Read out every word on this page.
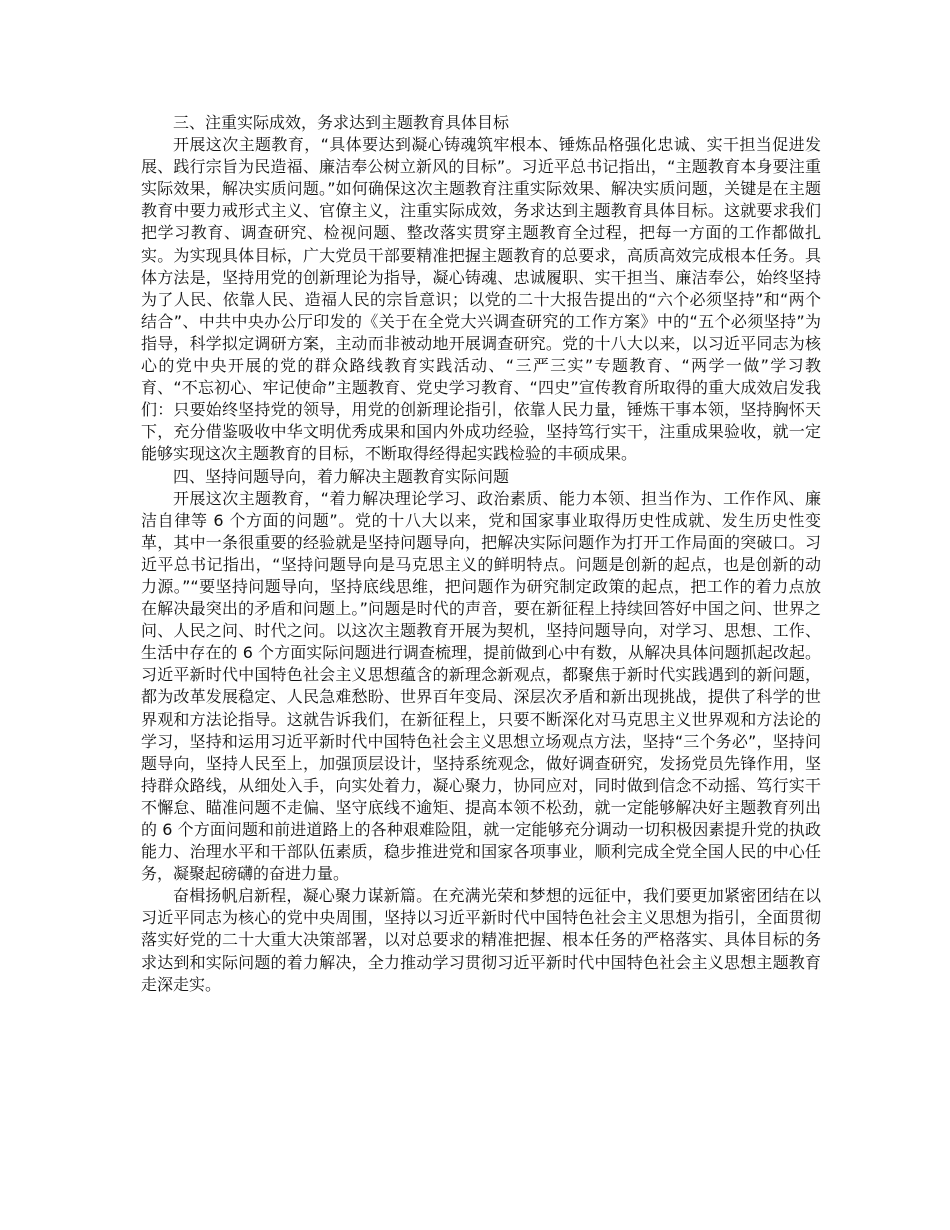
三、注重实际成效，务求达到主题教育具体目标

开展这次主题教育，“具体要达到凝心铸魂筑牢根本、锤炼品格强化忠诚、实干担当促进发展、践行宗旨为民造福、廉洁奉公树立新风的目标”。习近平总书记指出，“主题教育本身要注重实际效果，解决实质问题。”如何确保这次主题教育注重实际效果、解决实质问题，关键是在主题教育中要力戒形式主义、官僚主义，注重实际成效，务求达到主题教育具体目标。这就要求我们把学习教育、调查研究、检视问题、整改落实贯穿主题教育全过程，把每一方面的工作都做扎实。为实现具体目标，广大党员干部要精准把握主题教育的总要求，高质高效完成根本任务。具体方法是，坚持用党的创新理论为指导，凝心铸魂、忠诚履职、实干担当、廉洁奉公，始终坚持为了人民、依靠人民、造福人民的宗旨意识；以党的二十大报告提出的“六个必须坚持”和“两个结合”、中共中央办公厅印发的《关于在全党大兴调查研究的工作方案》中的“五个必须坚持”为指导，科学拟定调研方案，主动而非被动地开展调查研究。党的十八大以来，以习近平同志为核心的党中央开展的党的群众路线教育实践活动、“三严三实”专题教育、“两学一做”学习教育、“不忘初心、牢记使命”主题教育、党史学习教育、“四史”宣传教育所取得的重大成效启发我们：只要始终坚持党的领导，用党的创新理论指引，依靠人民力量，锤炼干事本领，坚持胸怀天下，充分借鉴吸收中华文明优秀成果和国内外成功经验，坚持笃行实干，注重成果验收，就一定能够实现这次主题教育的目标，不断取得经得起实践检验的丰硕成果。

四、坚持问题导向，着力解决主题教育实际问题

开展这次主题教育，“着力解决理论学习、政治素质、能力本领、担当作为、工作作风、廉洁自律等 6 个方面的问题”。党的十八大以来，党和国家事业取得历史性成就、发生历史性变革，其中一条很重要的经验就是坚持问题导向，把解决实际问题作为打开工作局面的突破口。习近平总书记指出，“坚持问题导向是马克思主义的鲜明特点。问题是创新的起点，也是创新的动力源。”“要坚持问题导向，坚持底线思维，把问题作为研究制定政策的起点，把工作的着力点放在解决最突出的矛盾和问题上。”问题是时代的声音，要在新征程上持续回答好中国之问、世界之问、人民之问、时代之问。以这次主题教育开展为契机，坚持问题导向，对学习、思想、工作、生活中存在的 6 个方面实际问题进行调查梳理，提前做到心中有数，从解决具体问题抓起改起。习近平新时代中国特色社会主义思想蕴含的新理念新观点，都聚焦于新时代实践遇到的新问题，都为改革发展稳定、人民急难愁盼、世界百年变局、深层次矛盾和新出现挑战，提供了科学的世界观和方法论指导。这就告诉我们，在新征程上，只要不断深化对马克思主义世界观和方法论的学习，坚持和运用习近平新时代中国特色社会主义思想立场观点方法，坚持“三个务必”，坚持问题导向，坚持人民至上，加强顶层设计，坚持系统观念，做好调查研究，发扬党员先锋作用，坚持群众路线，从细处入手，向实处着力，凝心聚力，协同应对，同时做到信念不动摇、笃行实干不懈怠、瞄准问题不走偏、坚守底线不逾矩、提高本领不松劲，就一定能够解决好主题教育列出的 6 个方面问题和前进道路上的各种艰难险阻，就一定能够充分调动一切积极因素提升党的执政能力、治理水平和干部队伍素质，稳步推进党和国家各项事业，顺利完成全党全国人民的中心任务，凝聚起磅礴的奋进力量。

奋楫扬帆启新程，凝心聚力谋新篇。在充满光荣和梦想的远征中，我们要更加紧密团结在以习近平同志为核心的党中央周围，坚持以习近平新时代中国特色社会主义思想为指引，全面贯彻落实好党的二十大重大决策部署，以对总要求的精准把握、根本任务的严格落实、具体目标的务求达到和实际问题的着力解决，全力推动学习贯彻习近平新时代中国特色社会主义思想主题教育走深走实。
